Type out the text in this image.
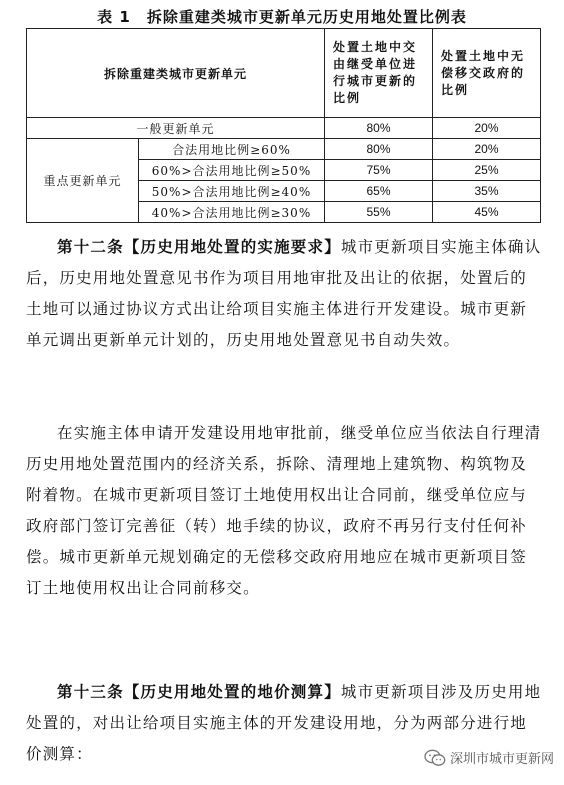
表 1　拆除重建类城市更新单元历史用地处置比例表
拆除重建类城市更新单元		处置土地中交由继受单位进行城市更新的比例	处置土地中无偿移交政府的比例
一般更新单元		80%	20%
重点更新单元	合法用地比例≥60%	80%	20%
	60%>合法用地比例≥50%	75%	25%
	50%>合法用地比例≥40%	65%	35%
	40%>合法用地比例≥30%	55%	45%

第十二条【历史用地处置的实施要求】城市更新项目实施主体确认后，历史用地处置意见书作为项目用地审批及出让的依据，处置后的土地可以通过协议方式出让给项目实施主体进行开发建设。城市更新单元调出更新单元计划的，历史用地处置意见书自动失效。

在实施主体申请开发建设用地审批前，继受单位应当依法自行理清历史用地处置范围内的经济关系，拆除、清理地上建筑物、构筑物及附着物。在城市更新项目签订土地使用权出让合同前，继受单位应与政府部门签订完善征（转）地手续的协议，政府不再另行支付任何补偿。城市更新单元规划确定的无偿移交政府用地应在城市更新项目签订土地使用权出让合同前移交。

第十三条【历史用地处置的地价测算】城市更新项目涉及历史用地处置的，对出让给项目实施主体的开发建设用地，分为两部分进行地价测算：	深圳市城市更新网
